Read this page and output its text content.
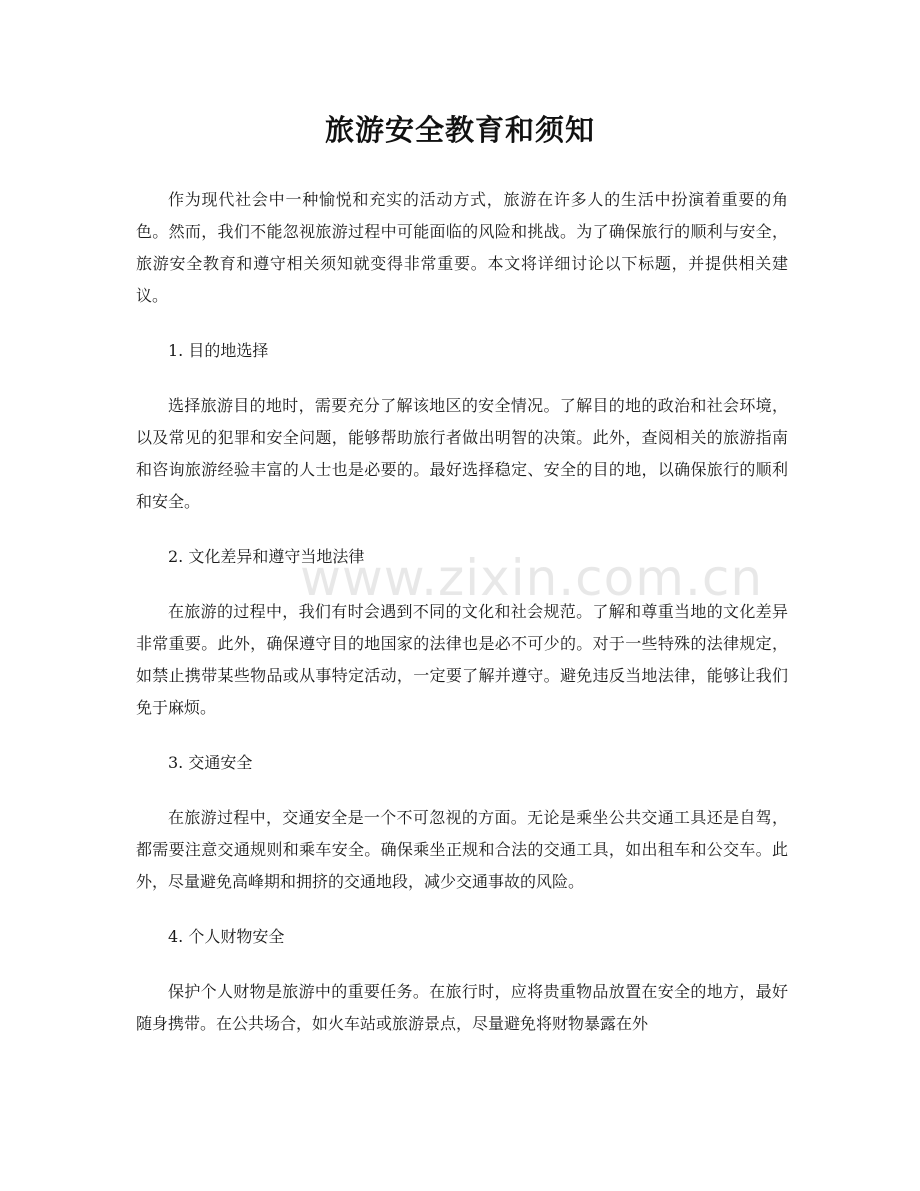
旅游安全教育和须知

作为现代社会中一种愉悦和充实的活动方式，旅游在许多人的生活中扮演着重要的角色。然而，我们不能忽视旅游过程中可能面临的风险和挑战。为了确保旅行的顺利与安全，旅游安全教育和遵守相关须知就变得非常重要。本文将详细讨论以下标题，并提供相关建议。

1. 目的地选择

选择旅游目的地时，需要充分了解该地区的安全情况。了解目的地的政治和社会环境，以及常见的犯罪和安全问题，能够帮助旅行者做出明智的决策。此外，查阅相关的旅游指南和咨询旅游经验丰富的人士也是必要的。最好选择稳定、安全的目的地，以确保旅行的顺利和安全。

2. 文化差异和遵守当地法律

在旅游的过程中，我们有时会遇到不同的文化和社会规范。了解和尊重当地的文化差异非常重要。此外，确保遵守目的地国家的法律也是必不可少的。对于一些特殊的法律规定，如禁止携带某些物品或从事特定活动，一定要了解并遵守。避免违反当地法律，能够让我们免于麻烦。

3. 交通安全

在旅游过程中，交通安全是一个不可忽视的方面。无论是乘坐公共交通工具还是自驾，都需要注意交通规则和乘车安全。确保乘坐正规和合法的交通工具，如出租车和公交车。此外，尽量避免高峰期和拥挤的交通地段，减少交通事故的风险。

4. 个人财物安全

保护个人财物是旅游中的重要任务。在旅行时，应将贵重物品放置在安全的地方，最好随身携带。在公共场合，如火车站或旅游景点，尽量避免将财物暴露在外

www.zixin.com.cn
